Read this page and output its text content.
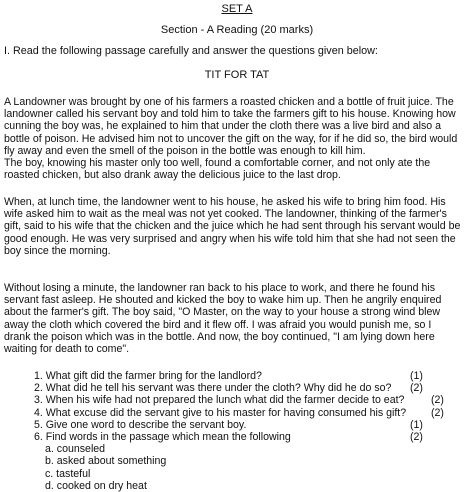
SET A
Section - A Reading (20 marks)
I. Read the following passage carefully and answer the questions given below:
TIT FOR TAT
A Landowner was brought by one of his farmers a roasted chicken and a bottle of fruit juice. The
landowner called his servant boy and told him to take the farmers gift to his house. Knowing how
cunning the boy was, he explained to him that under the cloth there was a live bird and also a
bottle of poison. He advised him not to uncover the gift on the way, for if he did so, the bird would
fly away and even the smell of the poison in the bottle was enough to kill him.
The boy, knowing his master only too well, found a comfortable corner, and not only ate the
roasted chicken, but also drank away the delicious juice to the last drop.
When, at lunch time, the landowner went to his house, he asked his wife to bring him food. His
wife asked him to wait as the meal was not yet cooked. The landowner, thinking of the farmer's
gift, said to his wife that the chicken and the juice which he had sent through his servant would be
good enough. He was very surprised and angry when his wife told him that she had not seen the
boy since the morning.
Without losing a minute, the landowner ran back to his place to work, and there he found his
servant fast asleep. He shouted and kicked the boy to wake him up. Then he angrily enquired
about the farmer's gift. The boy said, "O Master, on the way to your house a strong wind blew
away the cloth which covered the bird and it flew off. I was afraid you would punish me, so I
drank the poison which was in the bottle. And now, the boy continued, "I am lying down here
waiting for death to come".
1. What gift did the farmer bring for the landlord?	(1)
2. What did he tell his servant was there under the cloth? Why did he do so? (2)
3. When his wife had not prepared the lunch what did the farmer decide to eat?	(2)
4. What excuse did the servant give to his master for having consumed his gift? (2)
5. Give one word to describe the servant boy.	(1)
6. Find words in the passage which mean the following	(2)
a. counseled
b. asked about something
c. tasteful
d. cooked on dry heat
